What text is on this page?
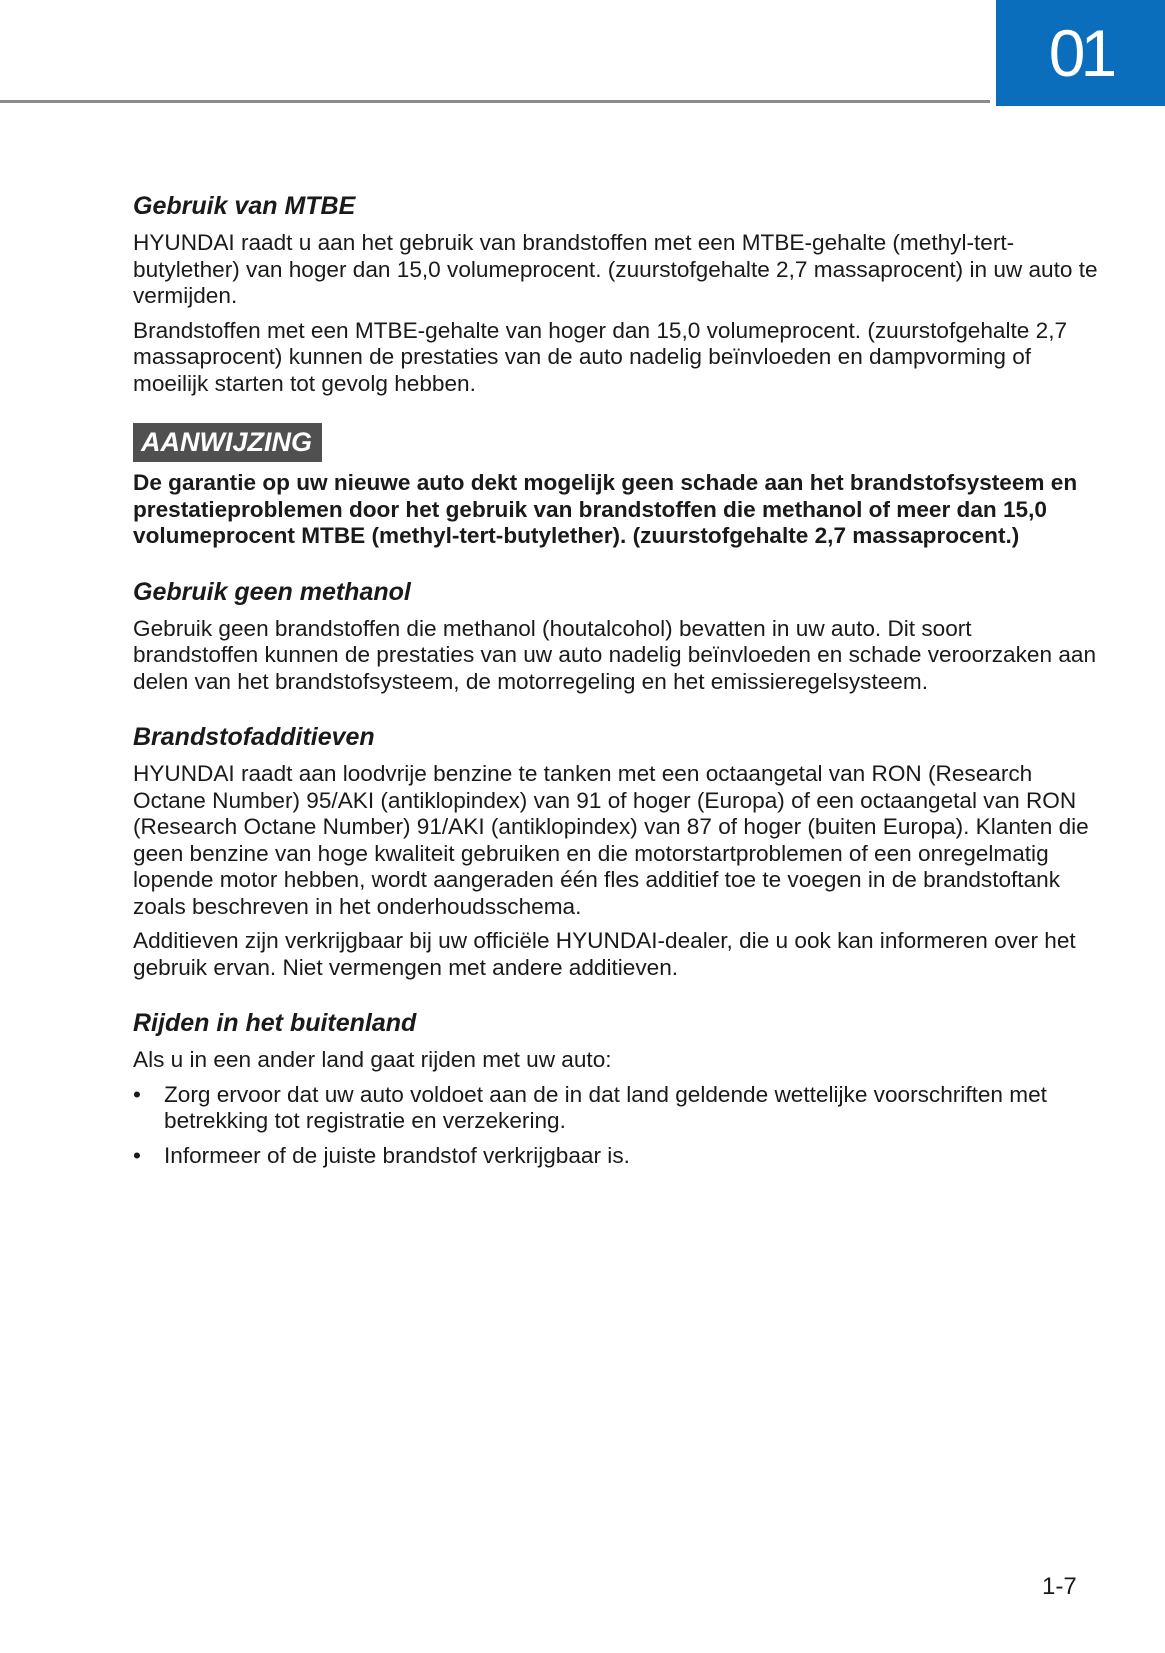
01
Gebruik van MTBE

HYUNDAI raadt u aan het gebruik van brandstoffen met een MTBE-gehalte (methyl-tert-butylether) van hoger dan 15,0 volumeprocent. (zuurstofgehalte 2,7 massaprocent) in uw auto te vermijden.

Brandstoffen met een MTBE-gehalte van hoger dan 15,0 volumeprocent. (zuurstofgehalte 2,7 massaprocent) kunnen de prestaties van de auto nadelig beïnvloeden en dampvorming of moeilijk starten tot gevolg hebben.

AANWIJZING

De garantie op uw nieuwe auto dekt mogelijk geen schade aan het brandstofsysteem en prestatieproblemen door het gebruik van brandstoffen die methanol of meer dan 15,0 volumeprocent MTBE (methyl-tert-butylether). (zuurstofgehalte 2,7 massaprocent.)

Gebruik geen methanol

Gebruik geen brandstoffen die methanol (houtalcohol) bevatten in uw auto. Dit soort brandstoffen kunnen de prestaties van uw auto nadelig beïnvloeden en schade veroorzaken aan delen van het brandstofsysteem, de motorregeling en het emissieregelsysteem.

Brandstofadditieven

HYUNDAI raadt aan loodvrije benzine te tanken met een octaangetal van RON (Research Octane Number) 95/AKI (antiklopindex) van 91 of hoger (Europa) of een octaangetal van RON (Research Octane Number) 91/AKI (antiklopindex) van 87 of hoger (buiten Europa). Klanten die geen benzine van hoge kwaliteit gebruiken en die motorstartproblemen of een onregelmatig lopende motor hebben, wordt aangeraden één fles additief toe te voegen in de brandstoftank zoals beschreven in het onderhoudsschema.

Additieven zijn verkrijgbaar bij uw officiële HYUNDAI-dealer, die u ook kan informeren over het gebruik ervan. Niet vermengen met andere additieven.

Rijden in het buitenland

Als u in een ander land gaat rijden met uw auto:

• Zorg ervoor dat uw auto voldoet aan de in dat land geldende wettelijke voorschriften met betrekking tot registratie en verzekering.
• Informeer of de juiste brandstof verkrijgbaar is.
1-7
